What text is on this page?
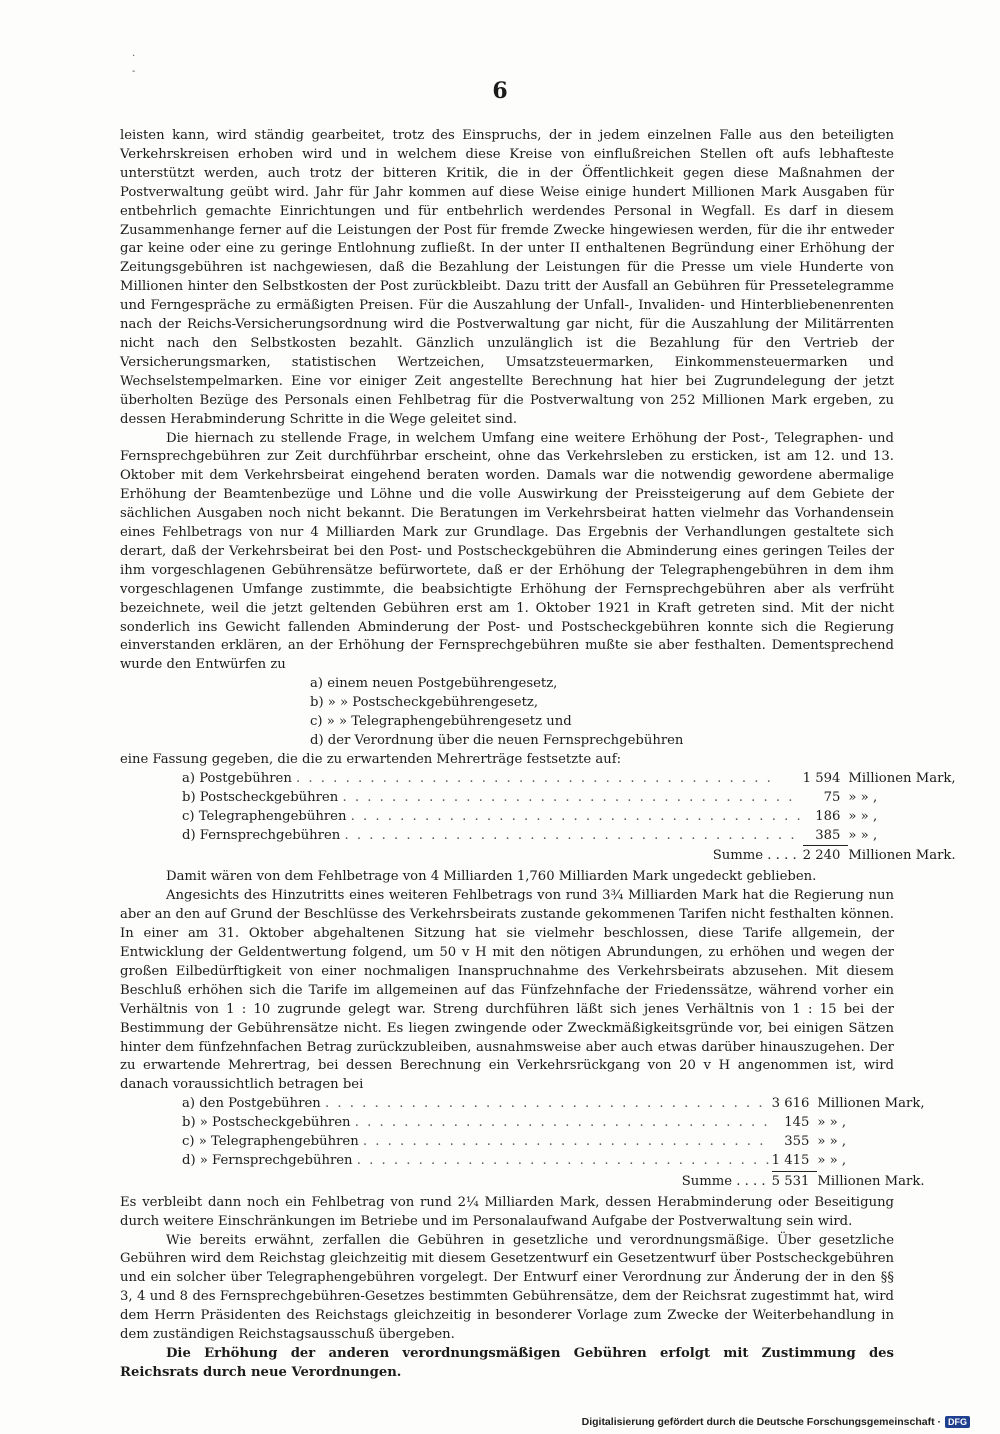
.
-
6

leisten kann, wird ständig gearbeitet, trotz des Einspruchs, der in jedem einzelnen Falle aus den beteiligten Verkehrskreisen erhoben wird und in welchem diese Kreise von einflußreichen Stellen oft aufs lebhafteste unterstützt werden, auch trotz der bitteren Kritik, die in der Öffentlichkeit gegen diese Maßnahmen der Postverwaltung geübt wird. Jahr für Jahr kommen auf diese Weise einige hundert Millionen Mark Ausgaben für entbehrlich gemachte Einrichtungen und für entbehrlich werdendes Personal in Wegfall. Es darf in diesem Zusammenhange ferner auf die Leistungen der Post für fremde Zwecke hingewiesen werden, für die ihr entweder gar keine oder eine zu geringe Entlohnung zufließt. In der unter II enthaltenen Begründung einer Erhöhung der Zeitungsgebühren ist nachgewiesen, daß die Bezahlung der Leistungen für die Presse um viele Hunderte von Millionen hinter den Selbstkosten der Post zurückbleibt. Dazu tritt der Ausfall an Gebühren für Pressetelegramme und Ferngespräche zu ermäßigten Preisen. Für die Auszahlung der Unfall-, Invaliden- und Hinterbliebenenrenten nach der Reichs-Versicherungsordnung wird die Postverwaltung gar nicht, für die Auszahlung der Militärrenten nicht nach den Selbstkosten bezahlt. Gänzlich unzulänglich ist die Bezahlung für den Vertrieb der Versicherungsmarken, statistischen Wertzeichen, Umsatzsteuermarken, Einkommensteuermarken und Wechselstempelmarken. Eine vor einiger Zeit angestellte Berechnung hat hier bei Zugrundelegung der jetzt überholten Bezüge des Personals einen Fehlbetrag für die Postverwaltung von 252 Millionen Mark ergeben, zu dessen Herabminderung Schritte in die Wege geleitet sind.

Die hiernach zu stellende Frage, in welchem Umfang eine weitere Erhöhung der Post-, Telegraphen- und Fernsprechgebühren zur Zeit durchführbar erscheint, ohne das Verkehrsleben zu ersticken, ist am 12. und 13. Oktober mit dem Verkehrsbeirat eingehend beraten worden. Damals war die notwendig gewordene abermalige Erhöhung der Beamtenbezüge und Löhne und die volle Auswirkung der Preissteigerung auf dem Gebiete der sächlichen Ausgaben noch nicht bekannt. Die Beratungen im Verkehrsbeirat hatten vielmehr das Vorhandensein eines Fehlbetrags von nur 4 Milliarden Mark zur Grundlage. Das Ergebnis der Verhandlungen gestaltete sich derart, daß der Verkehrsbeirat bei den Post- und Postscheckgebühren die Abminderung eines geringen Teiles der ihm vorgeschlagenen Gebührensätze befürwortete, daß er der Erhöhung der Telegraphengebühren in dem ihm vorgeschlagenen Umfange zustimmte, die beabsichtigte Erhöhung der Fernsprechgebühren aber als verfrüht bezeichnete, weil die jetzt geltenden Gebühren erst am 1. Oktober 1921 in Kraft getreten sind. Mit der nicht sonderlich ins Gewicht fallenden Abminderung der Post- und Postscheckgebühren konnte sich die Regierung einverstanden erklären, an der Erhöhung der Fernsprechgebühren mußte sie aber festhalten. Dementsprechend wurde den Entwürfen zu

a) einem neuen Postgebührengesetz,
b) » » Postscheckgebührengesetz,
c) » » Telegraphengebührengesetz und
d) der Verordnung über die neuen Fernsprechgebühren

eine Fassung gegeben, die die zu erwartenden Mehrerträge festsetzte auf:

a) Postgebühren . . . . . . . . . . . . . . . . . . . . . . . . . . . . . . . . . . . . . . .	1 594	Millionen Mark,
b) Postscheckgebühren . . . . . . . . . . . . . . . . . . . . . . . . . . . . . . . . . . . . .	75	» » ,
c) Telegraphengebühren . . . . . . . . . . . . . . . . . . . . . . . . . . . . . . . . . . . . .	186	» » ,
d) Fernsprechgebühren . . . . . . . . . . . . . . . . . . . . . . . . . . . . . . . . . . . . .	385	» » ,
Summe . . . .	2 240	Millionen Mark.

Damit wären von dem Fehlbetrage von 4 Milliarden 1,760 Milliarden Mark ungedeckt geblieben.

Angesichts des Hinzutritts eines weiteren Fehlbetrags von rund 3¾ Milliarden Mark hat die Regierung nun aber an den auf Grund der Beschlüsse des Verkehrsbeirats zustande gekommenen Tarifen nicht festhalten können. In einer am 31. Oktober abgehaltenen Sitzung hat sie vielmehr beschlossen, diese Tarife allgemein, der Entwicklung der Geldentwertung folgend, um 50 v H mit den nötigen Abrundungen, zu erhöhen und wegen der großen Eilbedürftigkeit von einer nochmaligen Inanspruchnahme des Verkehrsbeirats abzusehen. Mit diesem Beschluß erhöhen sich die Tarife im allgemeinen auf das Fünfzehnfache der Friedenssätze, während vorher ein Verhältnis von 1 : 10 zugrunde gelegt war. Streng durchführen läßt sich jenes Verhältnis von 1 : 15 bei der Bestimmung der Gebührensätze nicht. Es liegen zwingende oder Zweckmäßigkeitsgründe vor, bei einigen Sätzen hinter dem fünfzehnfachen Betrag zurückzubleiben, ausnahmsweise aber auch etwas darüber hinauszugehen. Der zu erwartende Mehrertrag, bei dessen Berechnung ein Verkehrsrückgang von 20 v H angenommen ist, wird danach voraussichtlich betragen bei

a) den Postgebühren . . . . . . . . . . . . . . . . . . . . . . . . . . . . . . . . . . . .	3 616	Millionen Mark,
b) » Postscheckgebühren . . . . . . . . . . . . . . . . . . . . . . . . . . . . . . . . . .	145	» » ,
c) » Telegraphengebühren . . . . . . . . . . . . . . . . . . . . . . . . . . . . . . . . .	355	» » ,
d) » Fernsprechgebühren . . . . . . . . . . . . . . . . . . . . . . . . . . . . . . . . . .	1 415	» » ,
Summe . . . .	5 531	Millionen Mark.

Es verbleibt dann noch ein Fehlbetrag von rund 2¼ Milliarden Mark, dessen Herabminderung oder Beseitigung durch weitere Einschränkungen im Betriebe und im Personalaufwand Aufgabe der Postverwaltung sein wird.

Wie bereits erwähnt, zerfallen die Gebühren in gesetzliche und verordnungsmäßige. Über gesetzliche Gebühren wird dem Reichstag gleichzeitig mit diesem Gesetzentwurf ein Gesetzentwurf über Postscheckgebühren und ein solcher über Telegraphengebühren vorgelegt. Der Entwurf einer Verordnung zur Änderung der in den §§ 3, 4 und 8 des Fernsprechgebühren-Gesetzes bestimmten Gebührensätze, dem der Reichsrat zugestimmt hat, wird dem Herrn Präsidenten des Reichstags gleichzeitig in besonderer Vorlage zum Zwecke der Weiterbehandlung in dem zuständigen Reichstagsausschuß übergeben.

Die Erhöhung der anderen verordnungsmäßigen Gebühren erfolgt mit Zustimmung des Reichsrats durch neue Verordnungen.

Digitalisierung gefördert durch die Deutsche Forschungsgemeinschaft · DFG
